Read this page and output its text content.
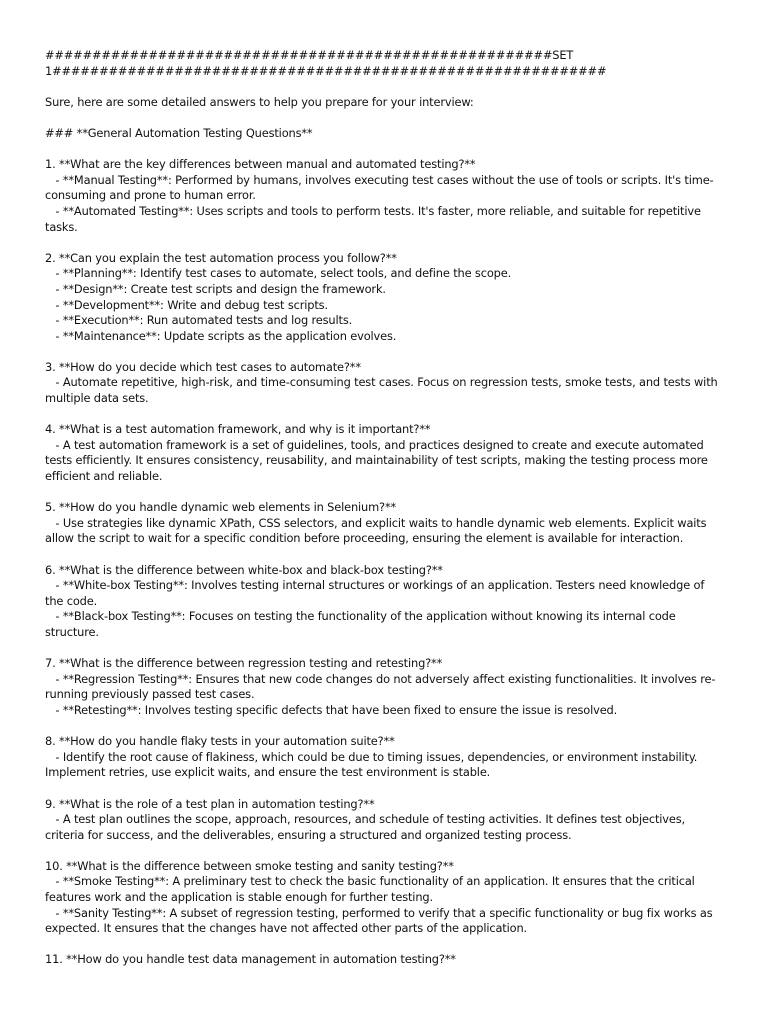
######################################################SET
1###########################################################
Sure, here are some detailed answers to help you prepare for your interview:
### **General Automation Testing Questions**
1. **What are the key differences between manual and automated testing?**
- **Manual Testing**: Performed by humans, involves executing test cases without the use of tools or scripts. It's time-
consuming and prone to human error.
- **Automated Testing**: Uses scripts and tools to perform tests. It's faster, more reliable, and suitable for repetitive
tasks.
2. **Can you explain the test automation process you follow?**
- **Planning**: Identify test cases to automate, select tools, and define the scope.
- **Design**: Create test scripts and design the framework.
- **Development**: Write and debug test scripts.
- **Execution**: Run automated tests and log results.
- **Maintenance**: Update scripts as the application evolves.
3. **How do you decide which test cases to automate?**
- Automate repetitive, high-risk, and time-consuming test cases. Focus on regression tests, smoke tests, and tests with
multiple data sets.
4. **What is a test automation framework, and why is it important?**
- A test automation framework is a set of guidelines, tools, and practices designed to create and execute automated
tests efficiently. It ensures consistency, reusability, and maintainability of test scripts, making the testing process more
efficient and reliable.
5. **How do you handle dynamic web elements in Selenium?**
- Use strategies like dynamic XPath, CSS selectors, and explicit waits to handle dynamic web elements. Explicit waits
allow the script to wait for a specific condition before proceeding, ensuring the element is available for interaction.
6. **What is the difference between white-box and black-box testing?**
- **White-box Testing**: Involves testing internal structures or workings of an application. Testers need knowledge of
the code.
- **Black-box Testing**: Focuses on testing the functionality of the application without knowing its internal code
structure.
7. **What is the difference between regression testing and retesting?**
- **Regression Testing**: Ensures that new code changes do not adversely affect existing functionalities. It involves re-
running previously passed test cases.
- **Retesting**: Involves testing specific defects that have been fixed to ensure the issue is resolved.
8. **How do you handle flaky tests in your automation suite?**
- Identify the root cause of flakiness, which could be due to timing issues, dependencies, or environment instability.
Implement retries, use explicit waits, and ensure the test environment is stable.
9. **What is the role of a test plan in automation testing?**
- A test plan outlines the scope, approach, resources, and schedule of testing activities. It defines test objectives,
criteria for success, and the deliverables, ensuring a structured and organized testing process.
10. **What is the difference between smoke testing and sanity testing?**
- **Smoke Testing**: A preliminary test to check the basic functionality of an application. It ensures that the critical
features work and the application is stable enough for further testing.
- **Sanity Testing**: A subset of regression testing, performed to verify that a specific functionality or bug fix works as
expected. It ensures that the changes have not affected other parts of the application.
11. **How do you handle test data management in automation testing?**
